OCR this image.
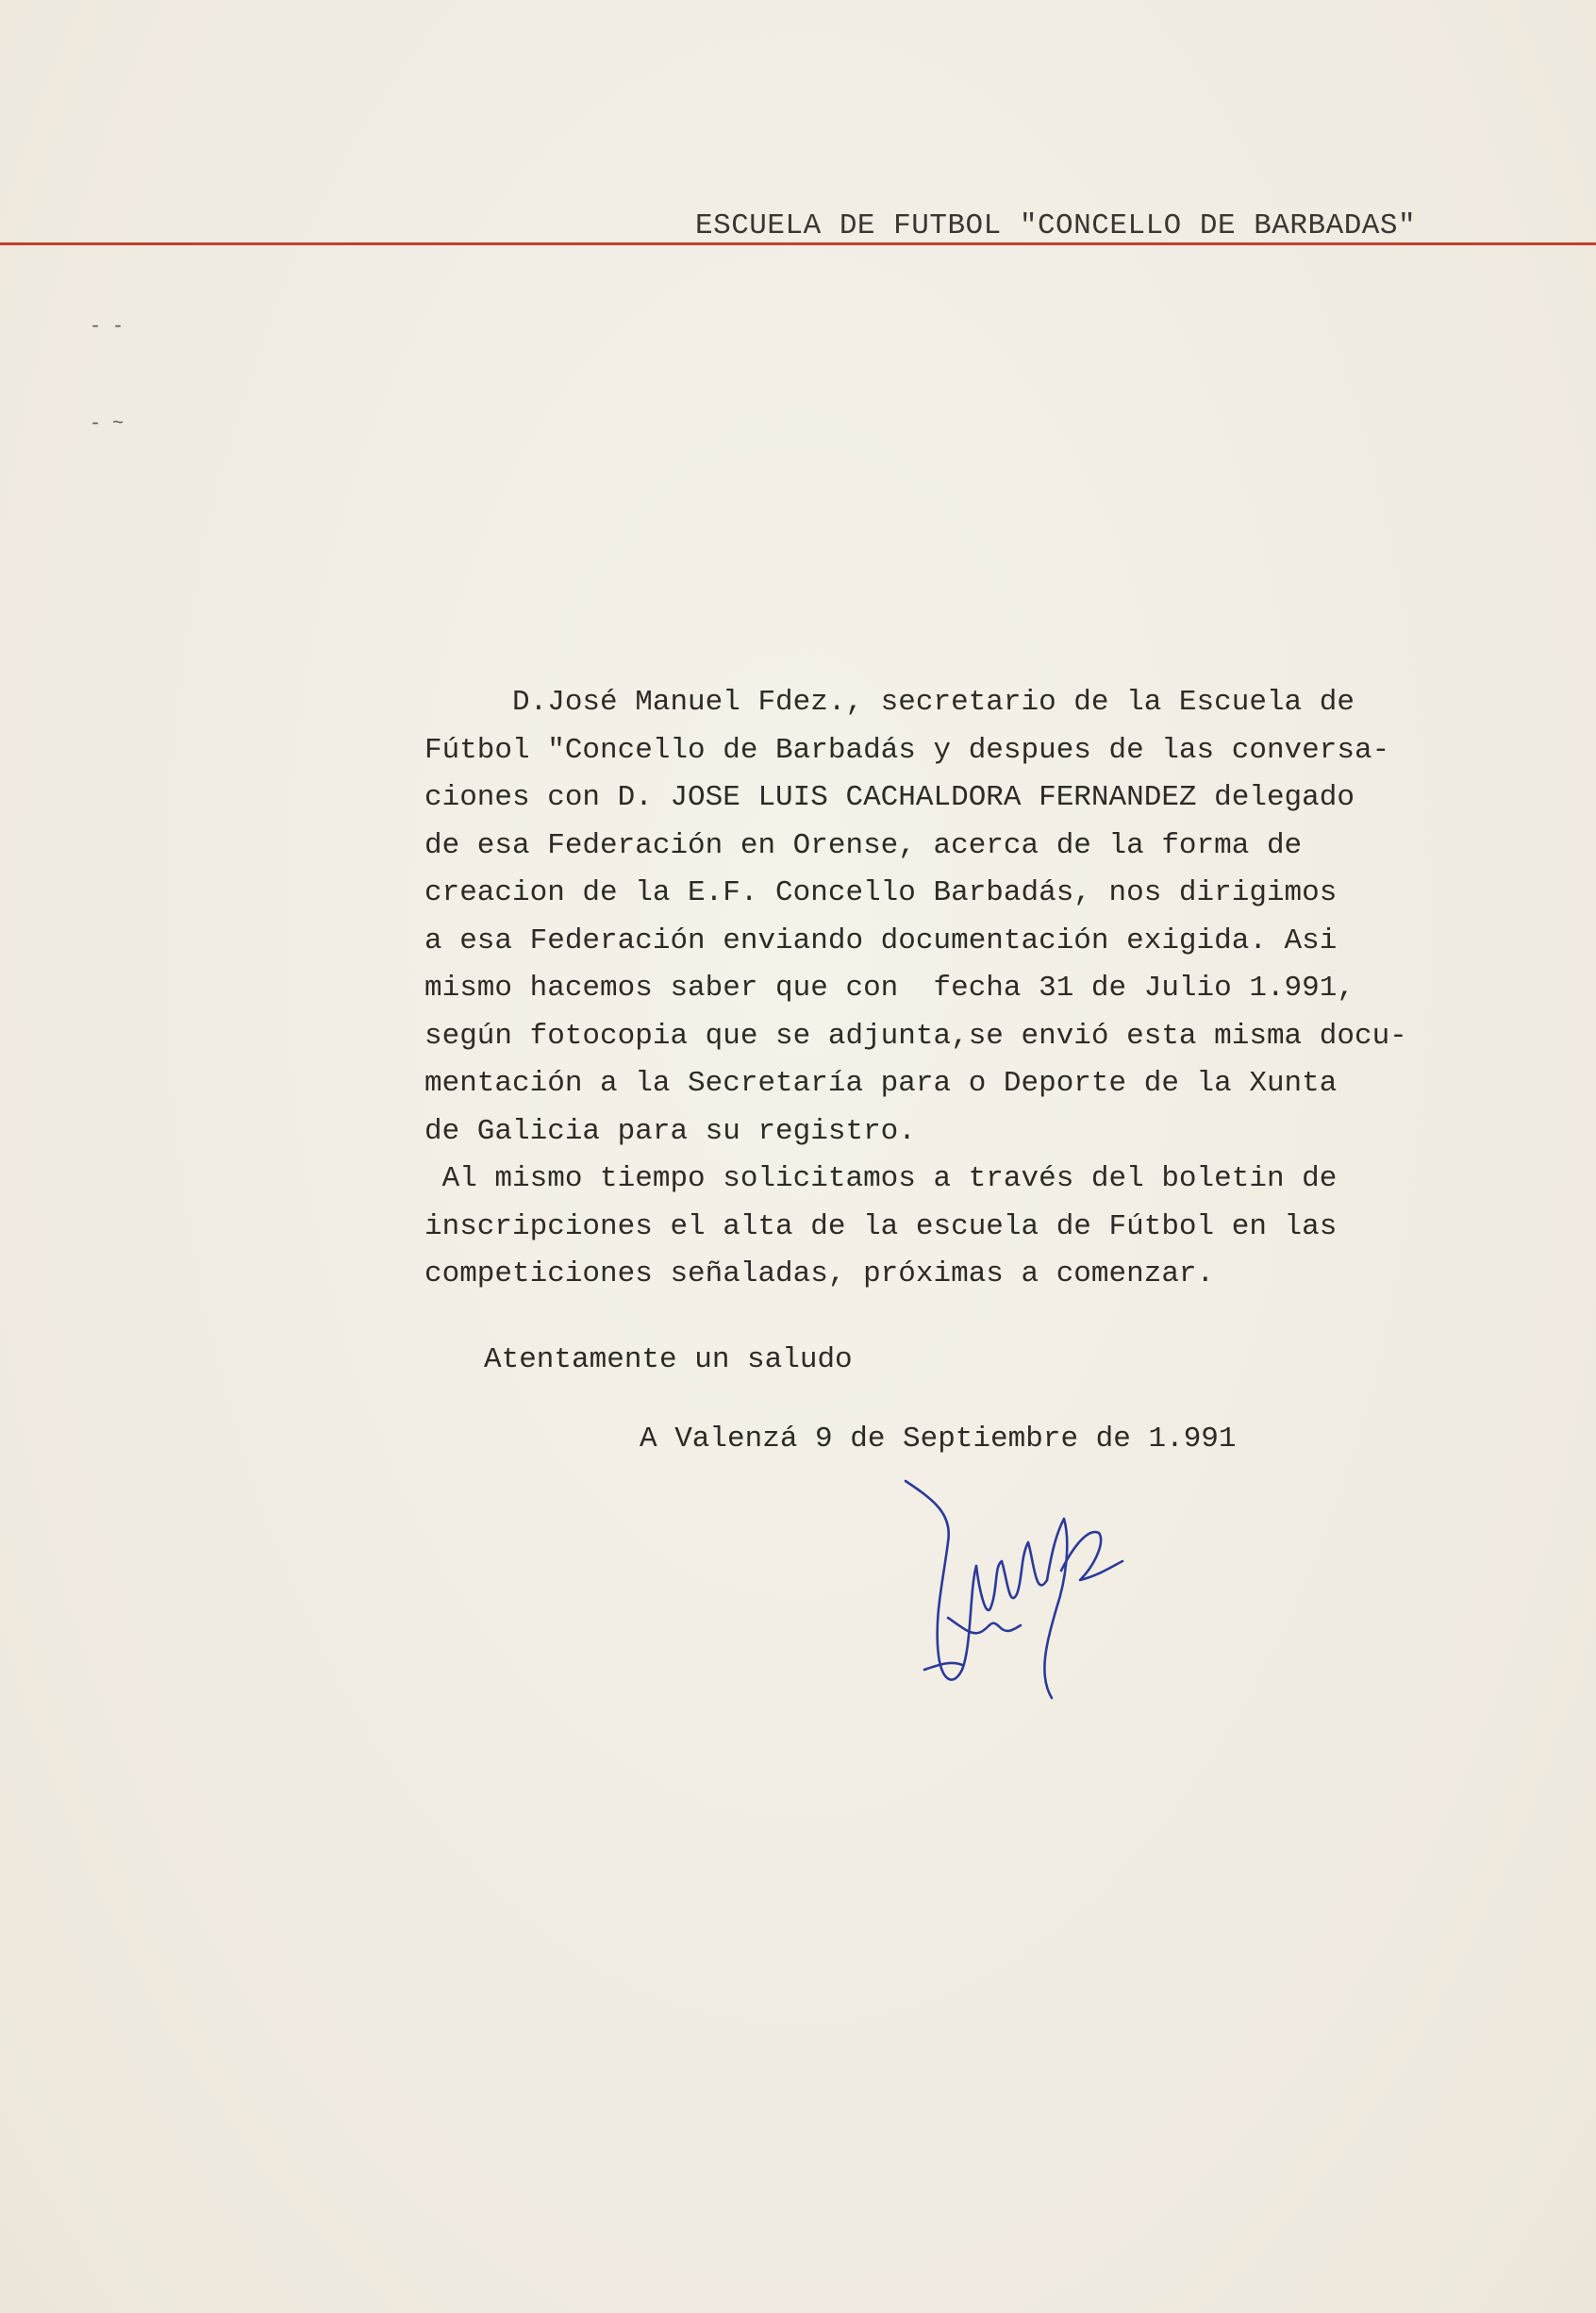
ESCUELA DE FUTBOL "CONCELLO DE BARBADAS"
- -
- ~
D.José Manuel Fdez., secretario de la Escuela de
Fútbol "Concello de Barbadás y despues de las conversa-
ciones con D. JOSE LUIS CACHALDORA FERNANDEZ delegado
de esa Federación en Orense, acerca de la forma de
creacion de la E.F. Concello Barbadás, nos dirigimos
a esa Federación enviando documentación exigida. Asi
mismo hacemos saber que con  fecha 31 de Julio 1.991,
según fotocopia que se adjunta,se envió esta misma docu-
mentación a la Secretaría para o Deporte de la Xunta
de Galicia para su registro.
Al mismo tiempo solicitamos a través del boletin de
inscripciones el alta de la escuela de Fútbol en las
competiciones señaladas, próximas a comenzar.
Atentamente un saludo
A Valenzá 9 de Septiembre de 1.991
